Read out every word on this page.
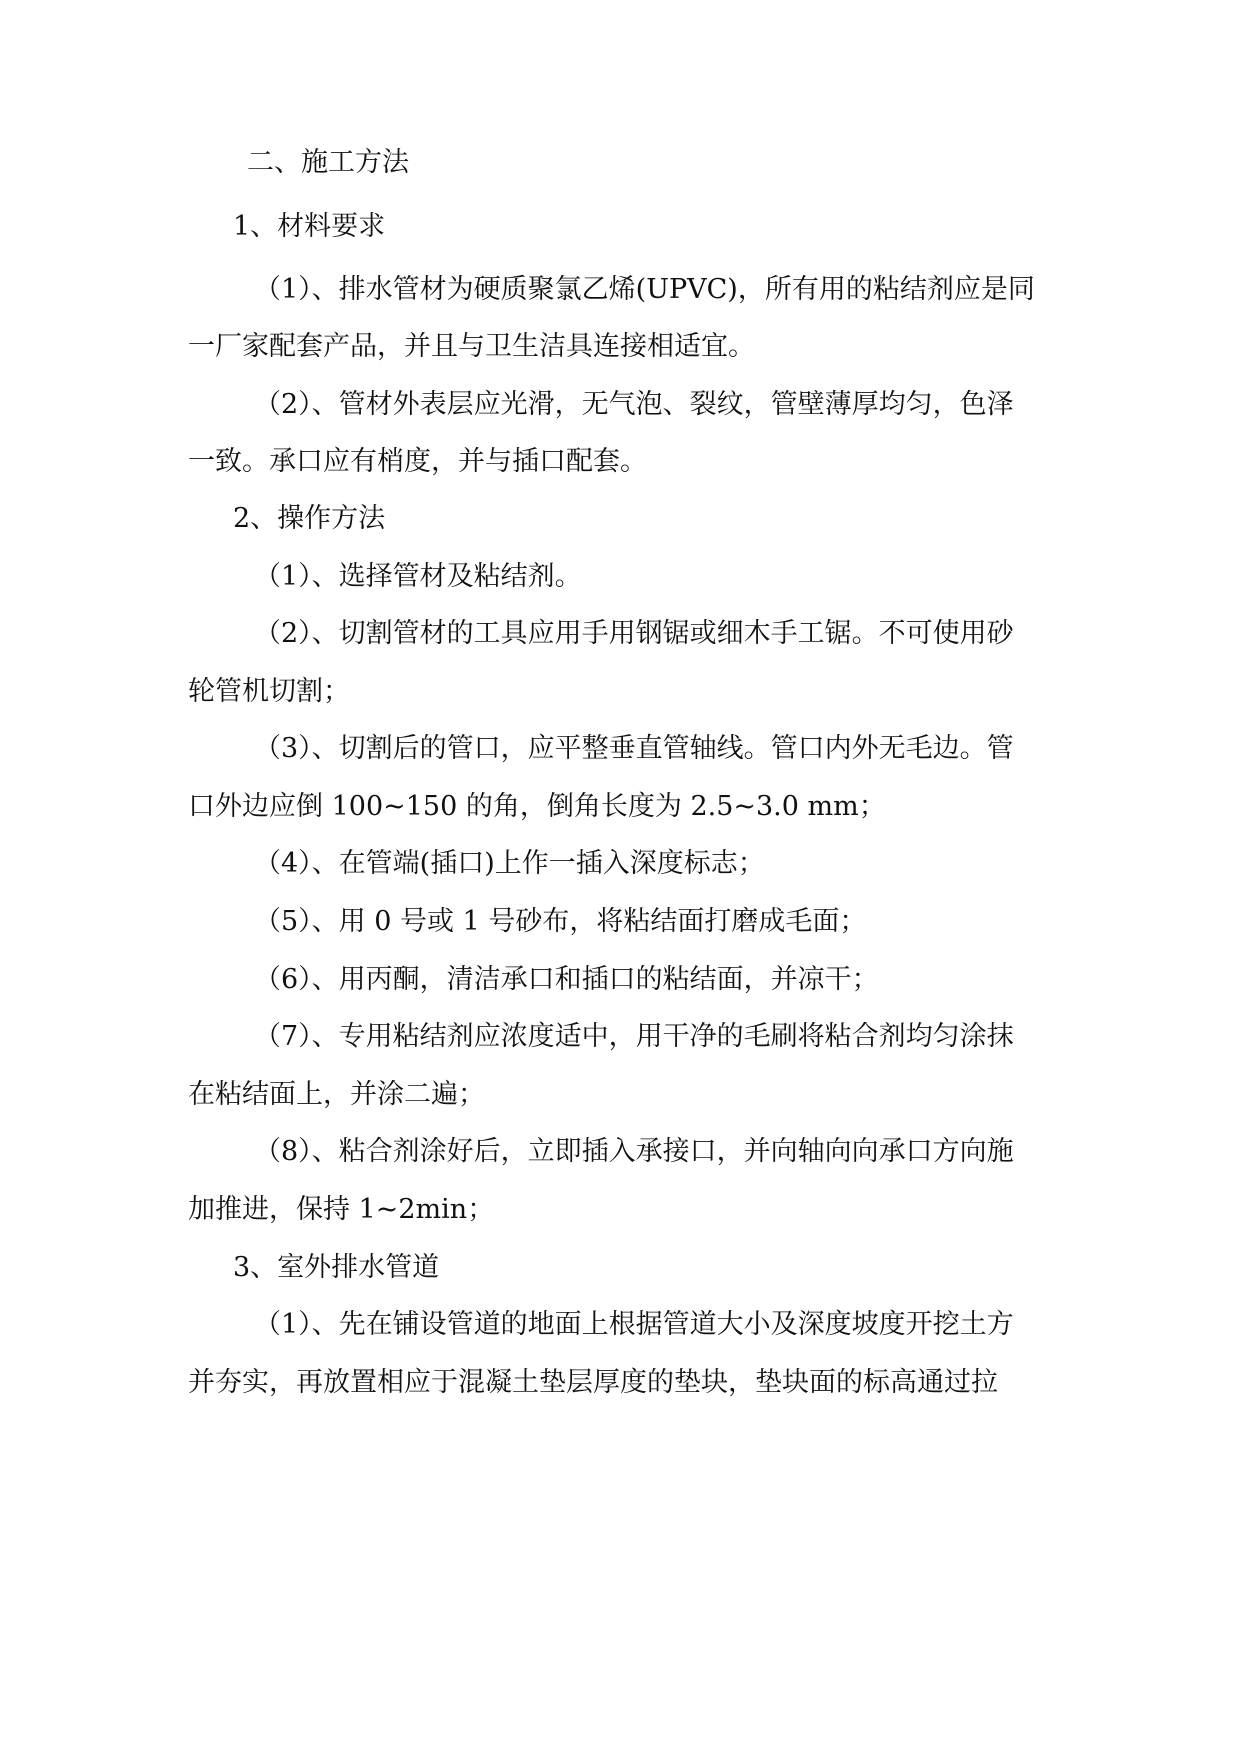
二、施工方法
1、材料要求
（1）、排水管材为硬质聚氯乙烯(UPVC)，所有用的粘结剂应是同
一厂家配套产品，并且与卫生洁具连接相适宜。
（2）、管材外表层应光滑，无气泡、裂纹，管壁薄厚均匀，色泽
一致。承口应有梢度，并与插口配套。
2、操作方法
（1）、选择管材及粘结剂。
（2）、切割管材的工具应用手用钢锯或细木手工锯。不可使用砂
轮管机切割；
（3）、切割后的管口，应平整垂直管轴线。管口内外无毛边。管
口外边应倒 100~150 的角，倒角长度为 2.5~3.0 mm；
（4）、在管端(插口)上作一插入深度标志；
（5）、用 0 号或 1 号砂布，将粘结面打磨成毛面；
（6）、用丙酮，清洁承口和插口的粘结面，并凉干；
（7）、专用粘结剂应浓度适中，用干净的毛刷将粘合剂均匀涂抹
在粘结面上，并涂二遍；
（8）、粘合剂涂好后，立即插入承接口，并向轴向向承口方向施
加推进，保持 1~2min；
3、室外排水管道
（1）、先在铺设管道的地面上根据管道大小及深度坡度开挖土方
并夯实，再放置相应于混凝土垫层厚度的垫块，垫块面的标高通过拉
